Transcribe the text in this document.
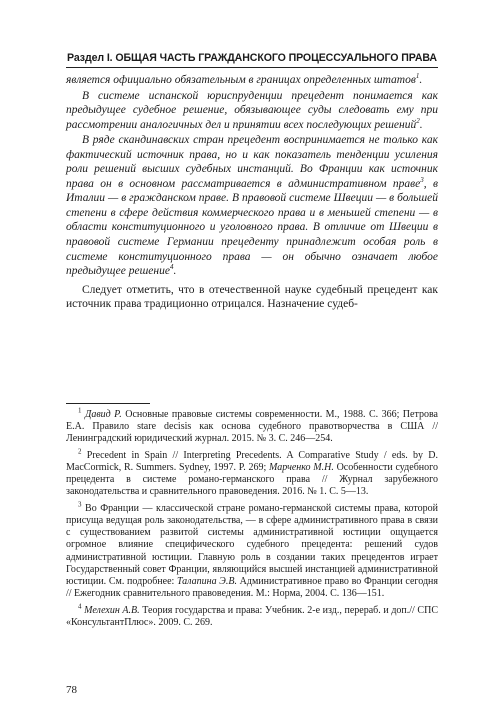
Раздел I. ОБЩАЯ ЧАСТЬ ГРАЖДАНСКОГО ПРОЦЕССУАЛЬНОГО ПРАВА

является официально обязательным в границах определенных штатов$^1$.

В системе испанской юриспруденции прецедент понимается как предыдущее судебное решение, обязывающее суды следовать ему при рассмотрении аналогичных дел и принятии всех последующих решений$^2$.

В ряде скандинавских стран прецедент воспринимается не только как фактический источник права, но и как показатель тенденции усиления роли решений высших судебных инстанций. Во Франции как источник права он в основном рассматривается в административном праве$^3$, в Италии — в гражданском праве. В правовой системе Швеции — в большей степени в сфере действия коммерческого права и в меньшей степени — в области конституционного и уголовного права. В отличие от Швеции в правовой системе Германии прецеденту принадлежит особая роль в системе конституционного права — он обычно означает любое предыдущее решение$^4$.

Следует отметить, что в отечественной науке судебный прецедент как источник права традиционно отрицался. Назначение судеб-

$^1$ Давид Р. Основные правовые системы современности. М., 1988. С. 366; Петрова Е.А. Правило stare decisis как основа судебного правотворчества в США // Ленинградский юридический журнал. 2015. № 3. С. 246—254.

$^2$ Precedent in Spain // Interpreting Precedents. A Comparative Study / eds. by D. MacCormick, R. Summers. Sydney, 1997. P. 269; Марченко М.Н. Особенности судебного прецедента в системе романо-германского права // Журнал зарубежного законодательства и сравнительного правоведения. 2016. № 1. С. 5—13.

$^3$ Во Франции — классической стране романо-германской системы права, которой присуща ведущая роль законодательства, — в сфере административного права в связи с существованием развитой системы административной юстиции ощущается огромное влияние специфического судебного прецедента: решений судов административной юстиции. Главную роль в создании таких прецедентов играет Государственный совет Франции, являющийся высшей инстанцией административной юстиции. См. подробнее: Талапина Э.В. Административное право во Франции сегодня // Ежегодник сравнительного правоведения. М.: Норма, 2004. С. 136—151.

$^4$ Мелехин А.В. Теория государства и права: Учебник. 2-е изд., перераб. и доп.// СПС «КонсультантПлюс». 2009. С. 269.

78
